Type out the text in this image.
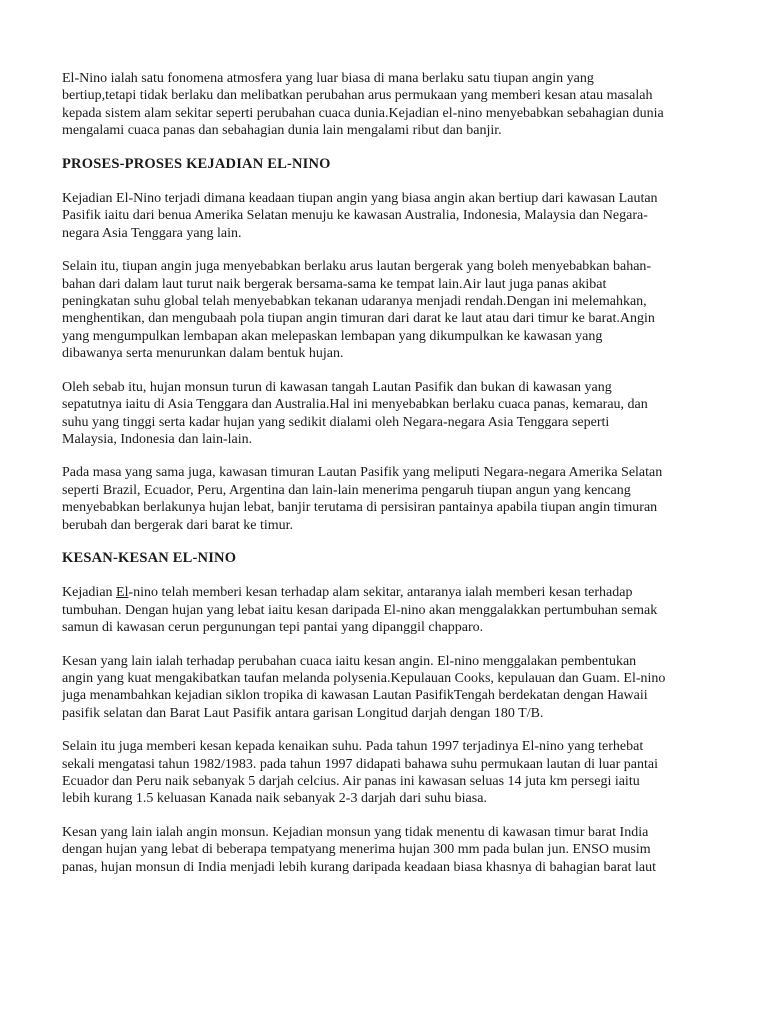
El-Nino ialah satu fonomena atmosfera yang luar biasa di mana berlaku satu tiupan angin yang
bertiup,tetapi tidak berlaku dan melibatkan perubahan arus permukaan yang memberi kesan atau masalah
kepada sistem alam sekitar seperti perubahan cuaca dunia.Kejadian el-nino menyebabkan sebahagian dunia
mengalami cuaca panas dan sebahagian dunia lain mengalami ribut dan banjir.

PROSES-PROSES KEJADIAN EL-NINO

Kejadian El-Nino terjadi dimana keadaan tiupan angin yang biasa angin akan bertiup dari kawasan Lautan
Pasifik iaitu dari benua Amerika Selatan menuju ke kawasan Australia, Indonesia, Malaysia dan Negara-
negara Asia Tenggara yang lain.

Selain itu, tiupan angin juga menyebabkan berlaku arus lautan bergerak yang boleh menyebabkan bahan-
bahan dari dalam laut turut naik bergerak bersama-sama ke tempat lain.Air laut juga panas akibat
peningkatan suhu global telah menyebabkan tekanan udaranya menjadi rendah.Dengan ini melemahkan,
menghentikan, dan mengubaah pola tiupan angin timuran dari darat ke laut atau dari timur ke barat.Angin
yang mengumpulkan lembapan akan melepaskan lembapan yang dikumpulkan ke kawasan yang
dibawanya serta menurunkan dalam bentuk hujan.

Oleh sebab itu, hujan monsun turun di kawasan tangah Lautan Pasifik dan bukan di kawasan yang
sepatutnya iaitu di Asia Tenggara dan Australia.Hal ini menyebabkan berlaku cuaca panas, kemarau, dan
suhu yang tinggi serta kadar hujan yang sedikit dialami oleh Negara-negara Asia Tenggara seperti
Malaysia, Indonesia dan lain-lain.

Pada masa yang sama juga, kawasan timuran Lautan Pasifik yang meliputi Negara-negara Amerika Selatan
seperti Brazil, Ecuador, Peru, Argentina dan lain-lain menerima pengaruh tiupan angun yang kencang
menyebabkan berlakunya hujan lebat, banjir terutama di persisiran pantainya apabila tiupan angin timuran
berubah dan bergerak dari barat ke timur.

KESAN-KESAN EL-NINO

Kejadian El-nino telah memberi kesan terhadap alam sekitar, antaranya ialah memberi kesan terhadap
tumbuhan. Dengan hujan yang lebat iaitu kesan daripada El-nino akan menggalakkan pertumbuhan semak
samun di kawasan cerun pergunungan tepi pantai yang dipanggil chapparo.

Kesan yang lain ialah terhadap perubahan cuaca iaitu kesan angin. El-nino menggalakan pembentukan
angin yang kuat mengakibatkan taufan melanda polysenia.Kepulauan Cooks, kepulauan dan Guam. El-nino
juga menambahkan kejadian siklon tropika di kawasan Lautan PasifikTengah berdekatan dengan Hawaii
pasifik selatan dan Barat Laut Pasifik antara garisan Longitud darjah dengan 180 T/B.

Selain itu juga memberi kesan kepada kenaikan suhu. Pada tahun 1997 terjadinya El-nino yang terhebat
sekali mengatasi tahun 1982/1983. pada tahun 1997 didapati bahawa suhu permukaan lautan di luar pantai
Ecuador dan Peru naik sebanyak 5 darjah celcius. Air panas ini kawasan seluas 14 juta km persegi iaitu
lebih kurang 1.5 keluasan Kanada naik sebanyak 2-3 darjah dari suhu biasa.

Kesan yang lain ialah angin monsun. Kejadian monsun yang tidak menentu di kawasan timur barat India
dengan hujan yang lebat di beberapa tempatyang menerima hujan 300 mm pada bulan jun. ENSO musim
panas, hujan monsun di India menjadi lebih kurang daripada keadaan biasa khasnya di bahagian barat laut
